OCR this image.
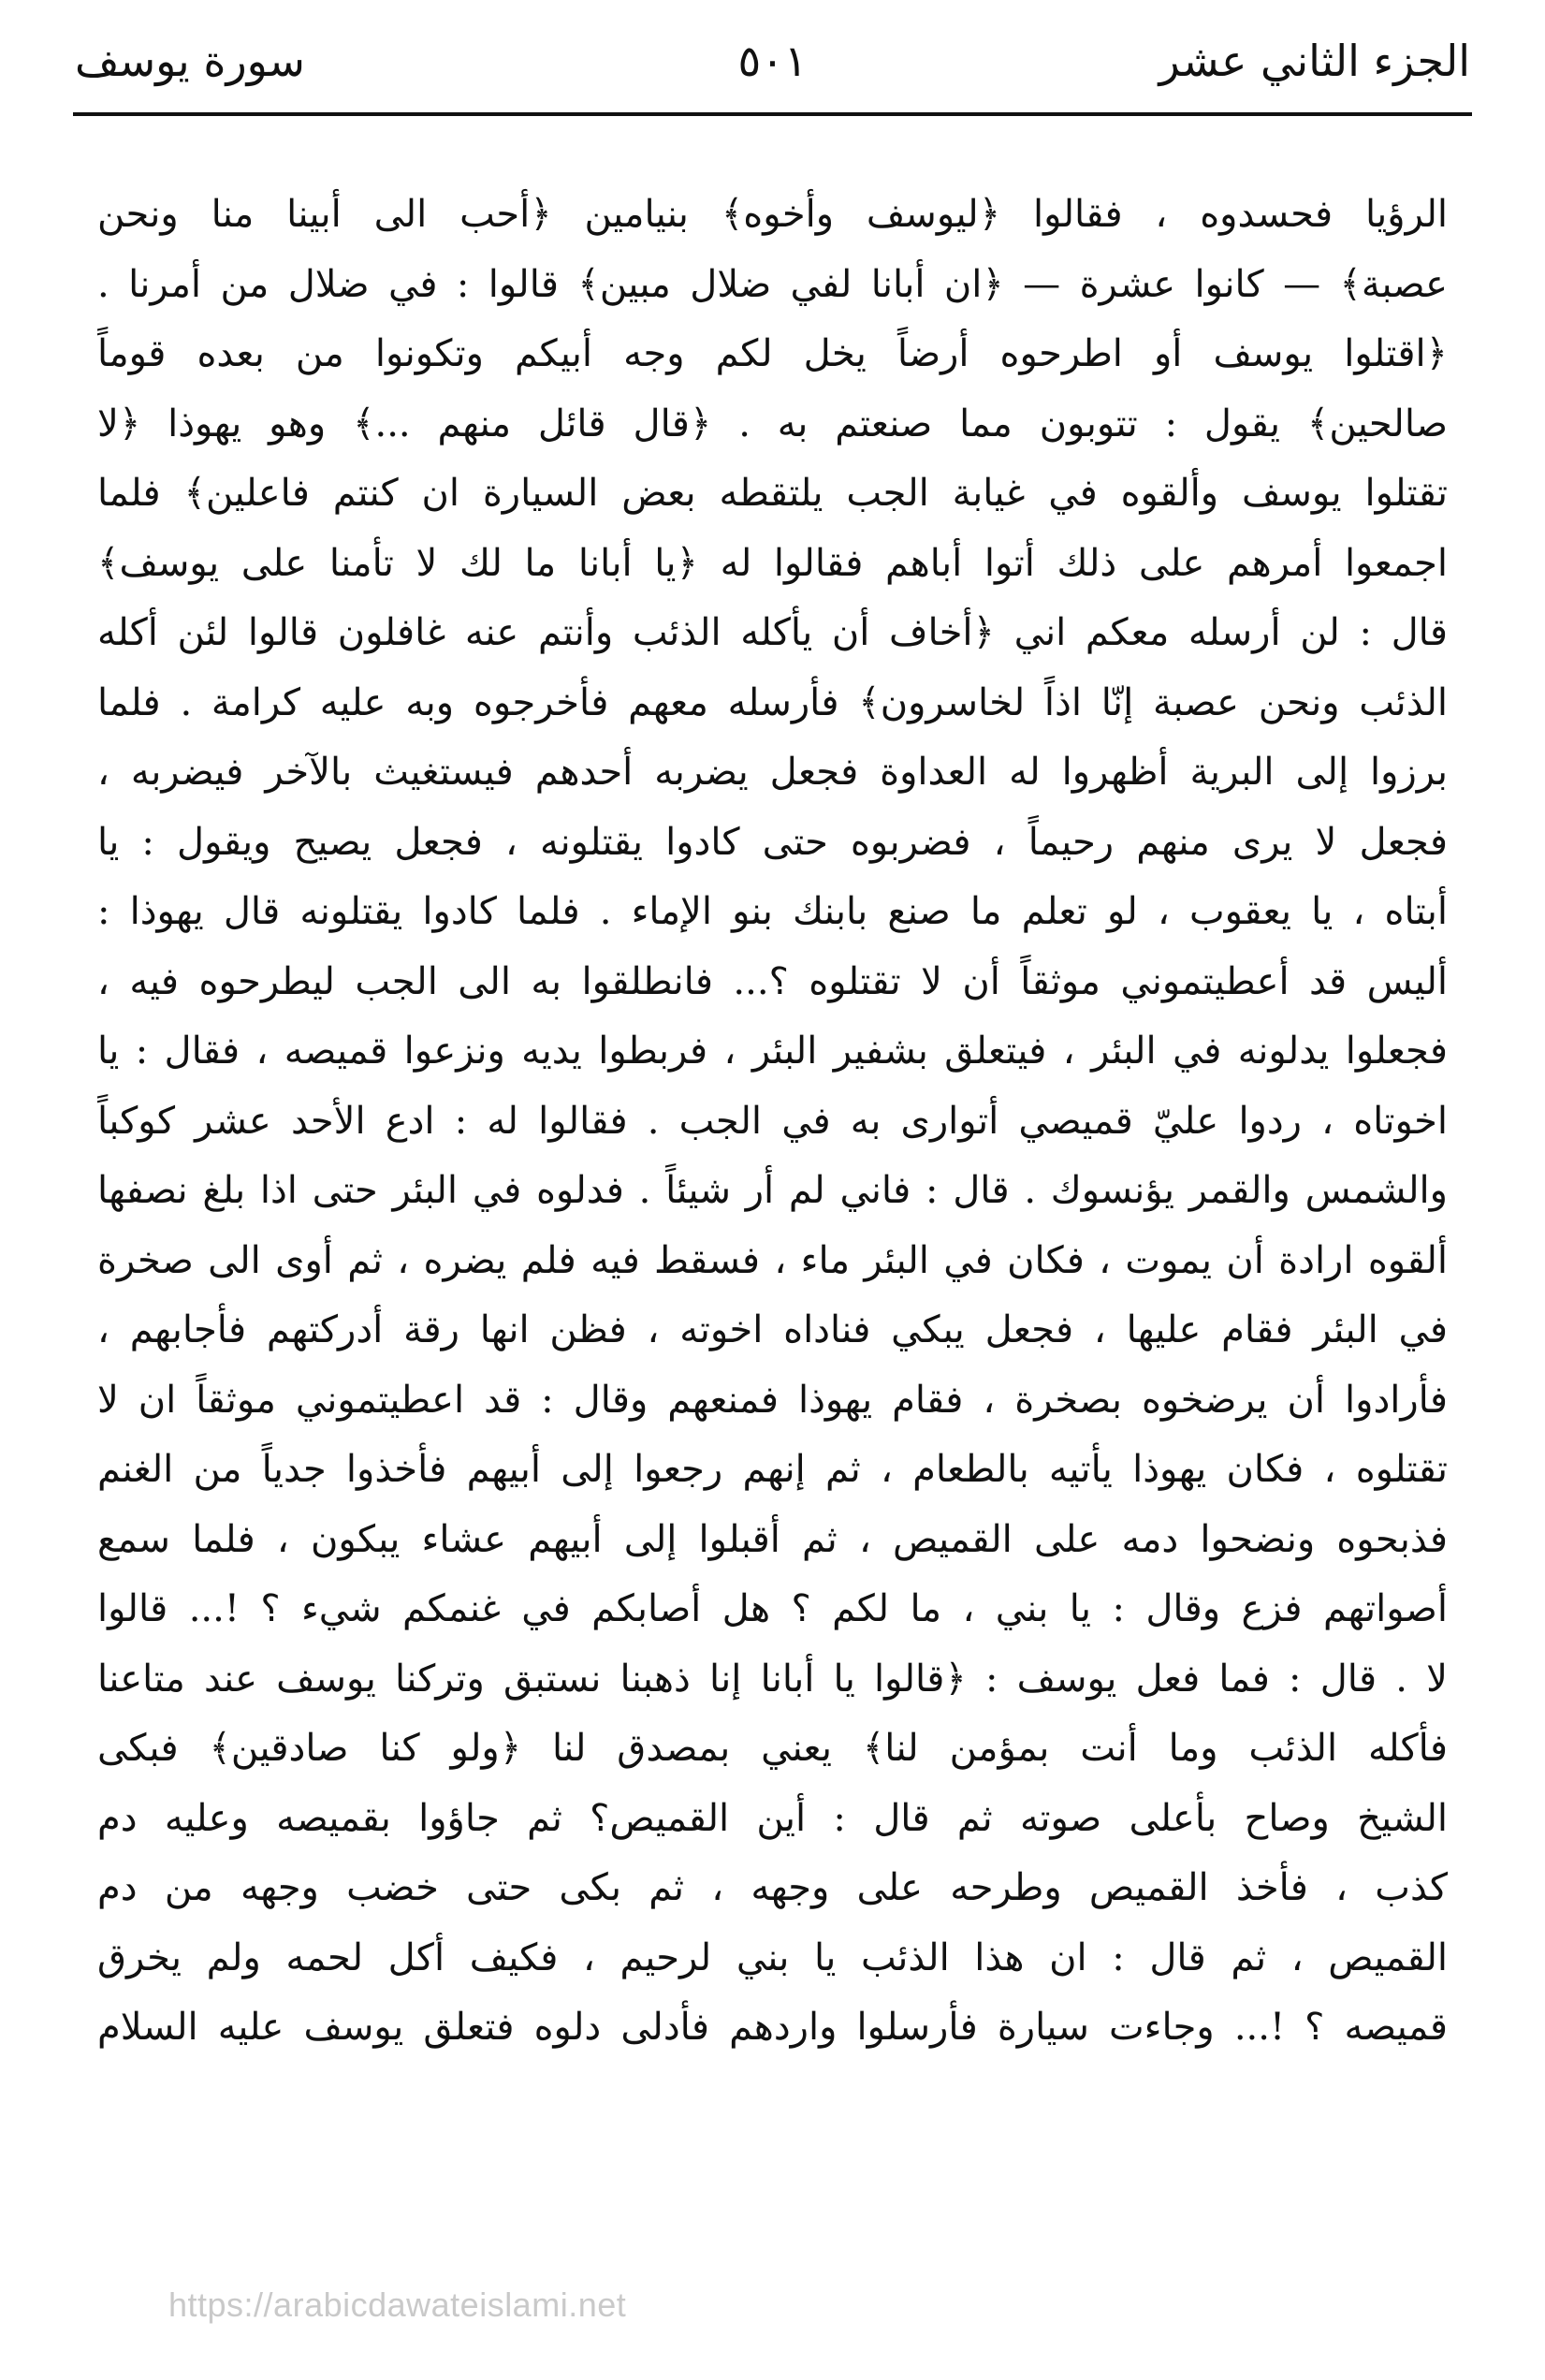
الجزء الثاني عشر
٥٠١
سورة يوسف
الرؤيا فحسدوه ، فقالوا ﴿ليوسف وأخوه﴾ بنيامين ﴿أحب الى أبينا منا ونحن
عصبة﴾ — كانوا عشرة — ﴿ان أبانا لفي ضلال مبين﴾ قالوا : في ضلال من أمرنا .
﴿اقتلوا يوسف أو اطرحوه أرضاً يخل لكم وجه أبيكم وتكونوا من بعده قوماً
صالحين﴾ يقول : تتوبون مما صنعتم به . ﴿قال قائل منهم ...﴾ وهو يهوذا ﴿لا
تقتلوا يوسف وألقوه في غيابة الجب يلتقطه بعض السيارة ان كنتم فاعلين﴾ فلما
اجمعوا أمرهم على ذلك أتوا أباهم فقالوا له ﴿يا أبانا ما لك لا تأمنا على يوسف﴾
قال : لن أرسله معكم اني ﴿أخاف أن يأكله الذئب وأنتم عنه غافلون قالوا لئن أكله
الذئب ونحن عصبة إنّا اذاً لخاسرون﴾ فأرسله معهم فأخرجوه وبه عليه كرامة . فلما
برزوا إلى البرية أظهروا له العداوة فجعل يضربه أحدهم فيستغيث بالآخر فيضربه ،
فجعل لا يرى منهم رحيماً ، فضربوه حتى كادوا يقتلونه ، فجعل يصيح ويقول : يا
أبتاه ، يا يعقوب ، لو تعلم ما صنع بابنك بنو الإماء . فلما كادوا يقتلونه قال يهوذا :
أليس قد أعطيتموني موثقاً أن لا تقتلوه ؟... فانطلقوا به الى الجب ليطرحوه فيه ،
فجعلوا يدلونه في البئر ، فيتعلق بشفير البئر ، فربطوا يديه ونزعوا قميصه ، فقال : يا
اخوتاه ، ردوا عليّ قميصي أتوارى به في الجب . فقالوا له : ادع الأحد عشر كوكباً
والشمس والقمر يؤنسوك . قال : فاني لم أر شيئاً . فدلوه في البئر حتى اذا بلغ نصفها
ألقوه ارادة أن يموت ، فكان في البئر ماء ، فسقط فيه فلم يضره ، ثم أوى الى صخرة
في البئر فقام عليها ، فجعل يبكي فناداه اخوته ، فظن انها رقة أدركتهم فأجابهم ،
فأرادوا أن يرضخوه بصخرة ، فقام يهوذا فمنعهم وقال : قد اعطيتموني موثقاً ان لا
تقتلوه ، فكان يهوذا يأتيه بالطعام ، ثم إنهم رجعوا إلى أبيهم فأخذوا جدياً من الغنم
فذبحوه ونضحوا دمه على القميص ، ثم أقبلوا إلى أبيهم عشاء يبكون ، فلما سمع
أصواتهم فزع وقال : يا بني ، ما لكم ؟ هل أصابكم في غنمكم شيء ؟ !... قالوا
لا . قال : فما فعل يوسف : ﴿قالوا يا أبانا إنا ذهبنا نستبق وتركنا يوسف عند متاعنا
فأكله الذئب وما أنت بمؤمن لنا﴾ يعني بمصدق لنا ﴿ولو كنا صادقين﴾ فبكى
الشيخ وصاح بأعلى صوته ثم قال : أين القميص؟ ثم جاؤوا بقميصه وعليه دم
كذب ، فأخذ القميص وطرحه على وجهه ، ثم بكى حتى خضب وجهه من دم
القميص ، ثم قال : ان هذا الذئب يا بني لرحيم ، فكيف أكل لحمه ولم يخرق
قميصه ؟ !... وجاءت سيارة فأرسلوا واردهم فأدلى دلوه فتعلق يوسف عليه السلام
https://arabicdawateislami.net
